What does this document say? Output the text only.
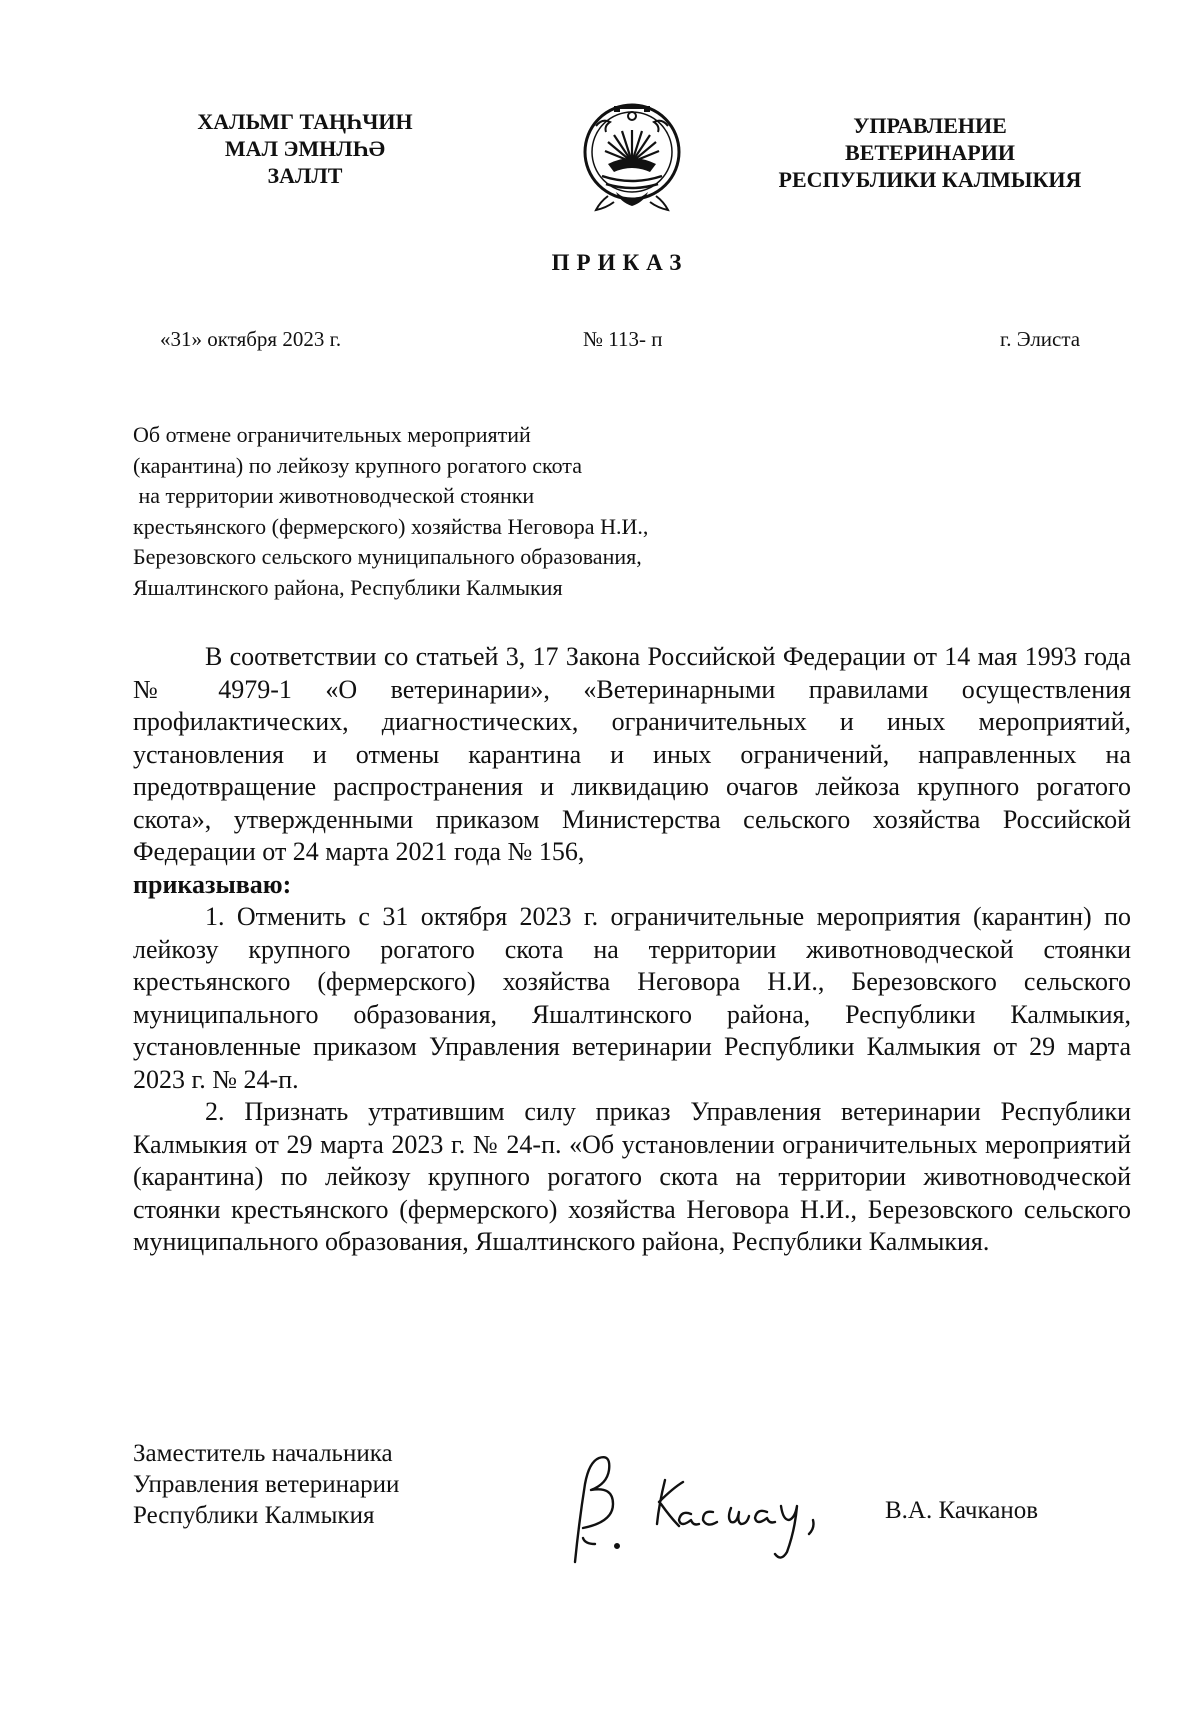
ХАЛЬМГ ТАҢҺЧИН
МАЛ ЭМНЛҺӘ
ЗАЛЛТ
УПРАВЛЕНИЕ
ВЕТЕРИНАРИИ
РЕСПУБЛИКИ КАЛМЫКИЯ
ПРИКАЗ
«31» октября 2023 г.	№ 113- п	г. Элиста
Об отмене ограничительных мероприятий
(карантина) по лейкозу крупного рогатого скота
на территории животноводческой стоянки
крестьянского (фермерского) хозяйства Неговора Н.И.,
Березовского сельского муниципального образования,
Яшалтинского района, Республики Калмыкия

В соответствии со статьей 3, 17 Закона Российской Федерации от 14 мая 1993 года № 4979-1 «О ветеринарии», «Ветеринарными правилами осуществления профилактических, диагностических, ограничительных и иных мероприятий, установления и отмены карантина и иных ограничений, направленных на предотвращение распространения и ликвидацию очагов лейкоза крупного рогатого скота», утвержденными приказом Министерства сельского хозяйства Российской Федерации от 24 марта 2021 года № 156,

приказываю:

1. Отменить с 31 октября 2023 г. ограничительные мероприятия (карантин) по лейкозу крупного рогатого скота на территории животноводческой стоянки крестьянского (фермерского) хозяйства Неговора Н.И., Березовского сельского муниципального образования, Яшалтинского района, Республики Калмыкия, установленные приказом Управления ветеринарии Республики Калмыкия от 29 марта 2023 г. № 24-п.

2. Признать утратившим силу приказ Управления ветеринарии Республики Калмыкия от 29 марта 2023 г. № 24-п. «Об установлении ограничительных мероприятий (карантина) по лейкозу крупного рогатого скота на территории животноводческой стоянки крестьянского (фермерского) хозяйства Неговора Н.И., Березовского сельского муниципального образования, Яшалтинского района, Республики Калмыкия.

Заместитель начальника
Управления ветеринарии
Республики Калмыкия	В.А. Качканов
